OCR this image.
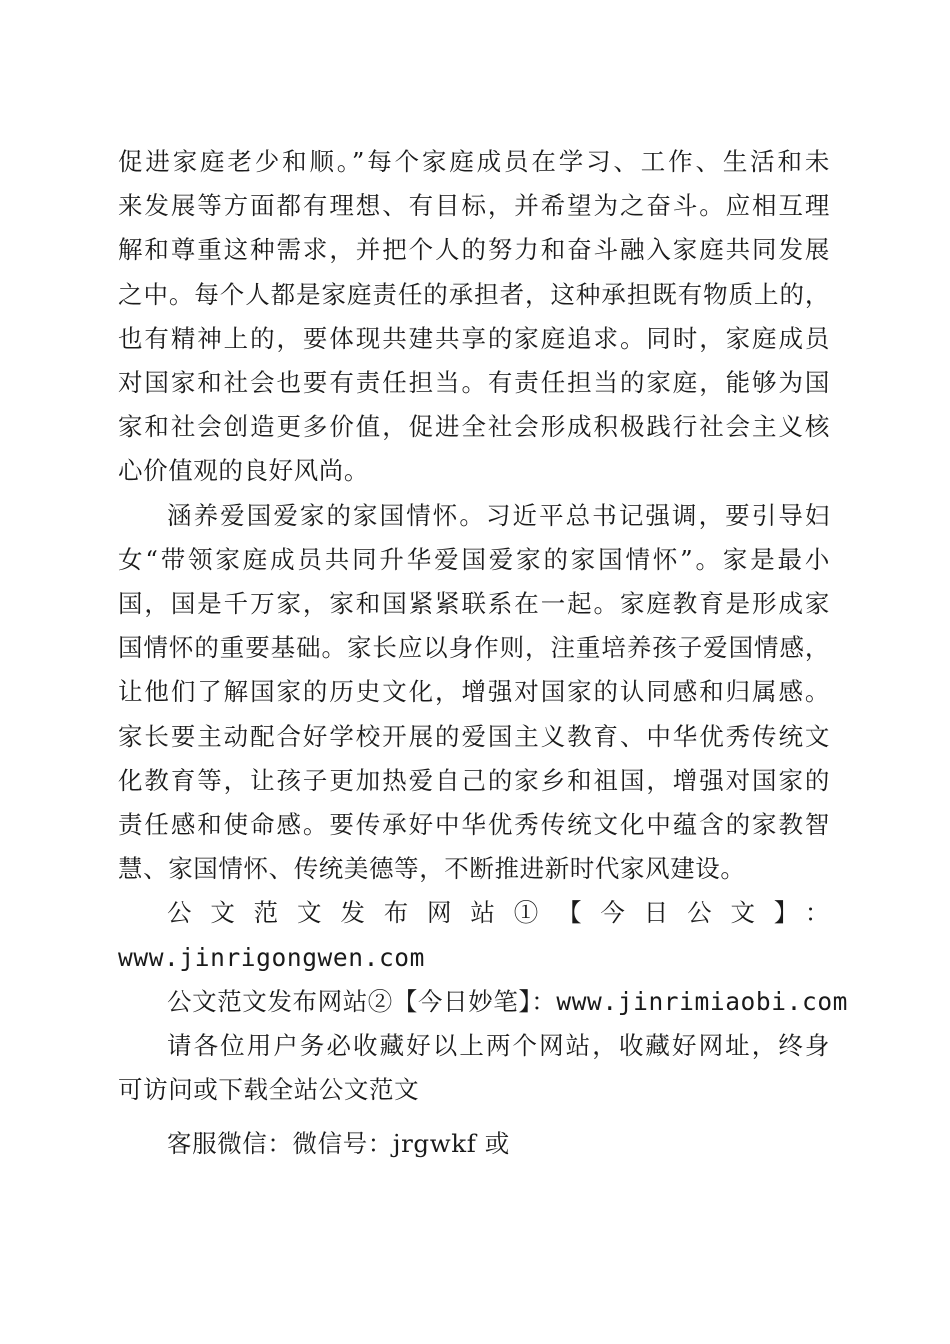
促进家庭老少和顺。”每个家庭成员在学习、工作、生活和未
来发展等方面都有理想、有目标，并希望为之奋斗。应相互理
解和尊重这种需求，并把个人的努力和奋斗融入家庭共同发展
之中。每个人都是家庭责任的承担者，这种承担既有物质上的，
也有精神上的，要体现共建共享的家庭追求。同时，家庭成员
对国家和社会也要有责任担当。有责任担当的家庭，能够为国
家和社会创造更多价值，促进全社会形成积极践行社会主义核
心价值观的良好风尚。

涵养爱国爱家的家国情怀。习近平总书记强调，要引导妇
女“带领家庭成员共同升华爱国爱家的家国情怀”。家是最小
国，国是千万家，家和国紧紧联系在一起。家庭教育是形成家
国情怀的重要基础。家长应以身作则，注重培养孩子爱国情感，
让他们了解国家的历史文化，增强对国家的认同感和归属感。
家长要主动配合好学校开展的爱国主义教育、中华优秀传统文
化教育等，让孩子更加热爱自己的家乡和祖国，增强对国家的
责任感和使命感。要传承好中华优秀传统文化中蕴含的家教智
慧、家国情怀、传统美德等，不断推进新时代家风建设。

公文范文发布网站①【今日公文】：
www.jinrigongwen.com

公文范文发布网站②【今日妙笔】：www.jinrimiaobi.com

请各位用户务必收藏好以上两个网站，收藏好网址，终身
可访问或下载全站公文范文

客服微信：微信号：jrgwkf 或
